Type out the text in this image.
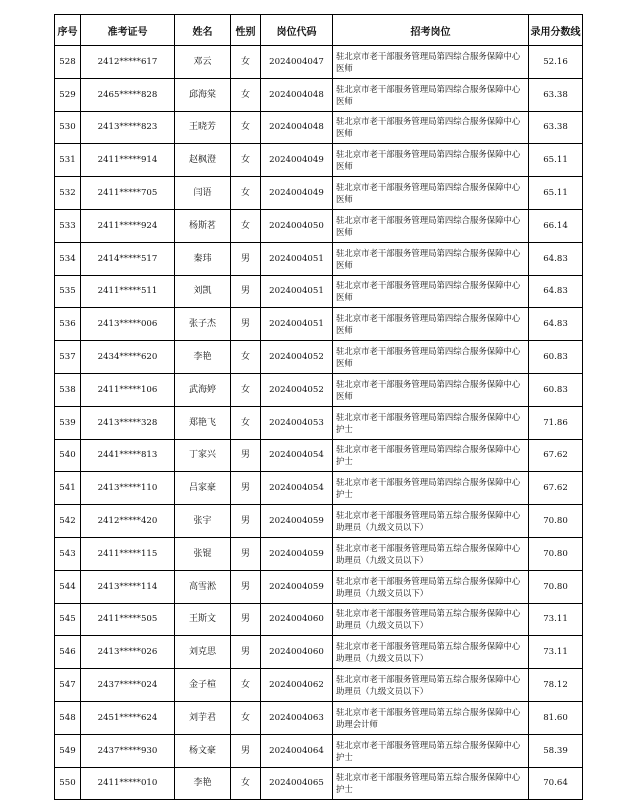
序号	准考证号	姓名	性别	岗位代码	招考岗位	录用分数线
528	2412*****617	邓云	女	2024004047	驻北京市老干部服务管理局第四综合服务保障中心医师	52.16
529	2465*****828	邱海棠	女	2024004048	驻北京市老干部服务管理局第四综合服务保障中心医师	63.38
530	2413*****823	王晓芳	女	2024004048	驻北京市老干部服务管理局第四综合服务保障中心医师	63.38
531	2411*****914	赵枫澄	女	2024004049	驻北京市老干部服务管理局第四综合服务保障中心医师	65.11
532	2411*****705	闫语	女	2024004049	驻北京市老干部服务管理局第四综合服务保障中心医师	65.11
533	2411*****924	杨斯茗	女	2024004050	驻北京市老干部服务管理局第四综合服务保障中心医师	66.14
534	2414*****517	秦玮	男	2024004051	驻北京市老干部服务管理局第四综合服务保障中心医师	64.83
535	2411*****511	刘凯	男	2024004051	驻北京市老干部服务管理局第四综合服务保障中心医师	64.83
536	2413*****006	张子杰	男	2024004051	驻北京市老干部服务管理局第四综合服务保障中心医师	64.83
537	2434*****620	李艳	女	2024004052	驻北京市老干部服务管理局第四综合服务保障中心医师	60.83
538	2411*****106	武海婷	女	2024004052	驻北京市老干部服务管理局第四综合服务保障中心医师	60.83
539	2413*****328	郑艳飞	女	2024004053	驻北京市老干部服务管理局第四综合服务保障中心护士	71.86
540	2441*****813	丁家兴	男	2024004054	驻北京市老干部服务管理局第四综合服务保障中心护士	67.62
541	2413*****110	吕家豪	男	2024004054	驻北京市老干部服务管理局第四综合服务保障中心护士	67.62
542	2412*****420	张宇	男	2024004059	驻北京市老干部服务管理局第五综合服务保障中心助理员（九级文员以下）	70.80
543	2411*****115	张锟	男	2024004059	驻北京市老干部服务管理局第五综合服务保障中心助理员（九级文员以下）	70.80
544	2413*****114	高雪淞	男	2024004059	驻北京市老干部服务管理局第五综合服务保障中心助理员（九级文员以下）	70.80
545	2411*****505	王斯文	男	2024004060	驻北京市老干部服务管理局第五综合服务保障中心助理员（九级文员以下）	73.11
546	2413*****026	刘克思	男	2024004060	驻北京市老干部服务管理局第五综合服务保障中心助理员（九级文员以下）	73.11
547	2437*****024	金子楦	女	2024004062	驻北京市老干部服务管理局第五综合服务保障中心助理员（九级文员以下）	78.12
548	2451*****624	刘芋君	女	2024004063	驻北京市老干部服务管理局第五综合服务保障中心助理会计师	81.60
549	2437*****930	杨文豪	男	2024004064	驻北京市老干部服务管理局第五综合服务保障中心护士	58.39
550	2411*****010	李艳	女	2024004065	驻北京市老干部服务管理局第五综合服务保障中心护士	70.64
